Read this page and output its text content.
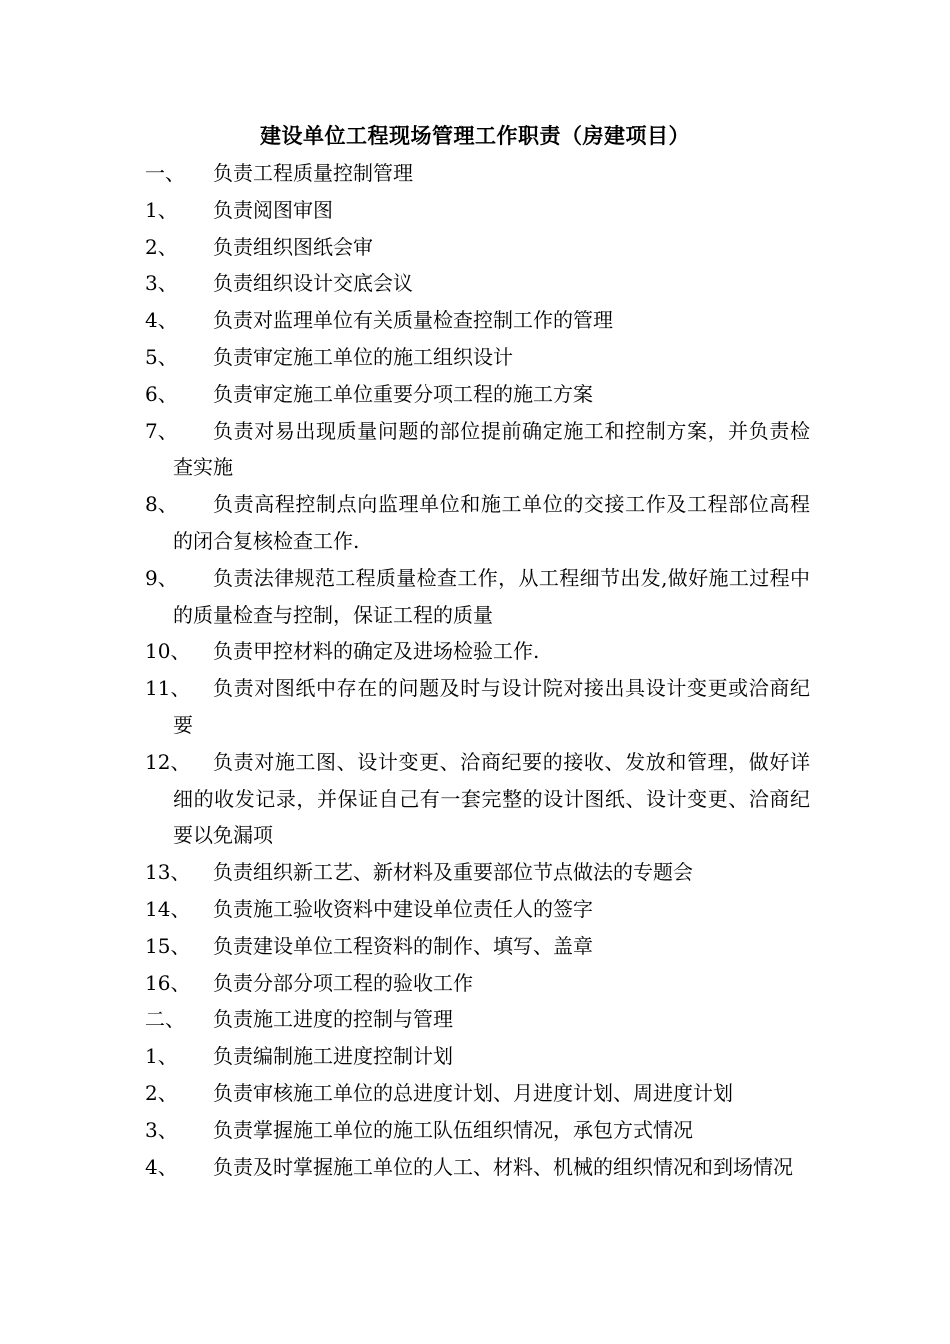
建设单位工程现场管理工作职责（房建项目）
一、	负责工程质量控制管理
1、	负责阅图审图
2、	负责组织图纸会审
3、	负责组织设计交底会议
4、	负责对监理单位有关质量检查控制工作的管理
5、	负责审定施工单位的施工组织设计
6、	负责审定施工单位重要分项工程的施工方案
7、	负责对易出现质量问题的部位提前确定施工和控制方案，并负责检查实施
8、	负责高程控制点向监理单位和施工单位的交接工作及工程部位高程的闭合复核检查工作.
9、	负责法律规范工程质量检查工作，从工程细节出发,做好施工过程中的质量检查与控制，保证工程的质量
10、	负责甲控材料的确定及进场检验工作.
11、	负责对图纸中存在的问题及时与设计院对接出具设计变更或洽商纪要
12、	负责对施工图、设计变更、洽商纪要的接收、发放和管理，做好详细的收发记录，并保证自己有一套完整的设计图纸、设计变更、洽商纪要以免漏项
13、	负责组织新工艺、新材料及重要部位节点做法的专题会
14、	负责施工验收资料中建设单位责任人的签字
15、	负责建设单位工程资料的制作、填写、盖章
16、	负责分部分项工程的验收工作
二、	负责施工进度的控制与管理
1、	负责编制施工进度控制计划
2、	负责审核施工单位的总进度计划、月进度计划、周进度计划
3、	负责掌握施工单位的施工队伍组织情况，承包方式情况
4、	负责及时掌握施工单位的人工、材料、机械的组织情况和到场情况
